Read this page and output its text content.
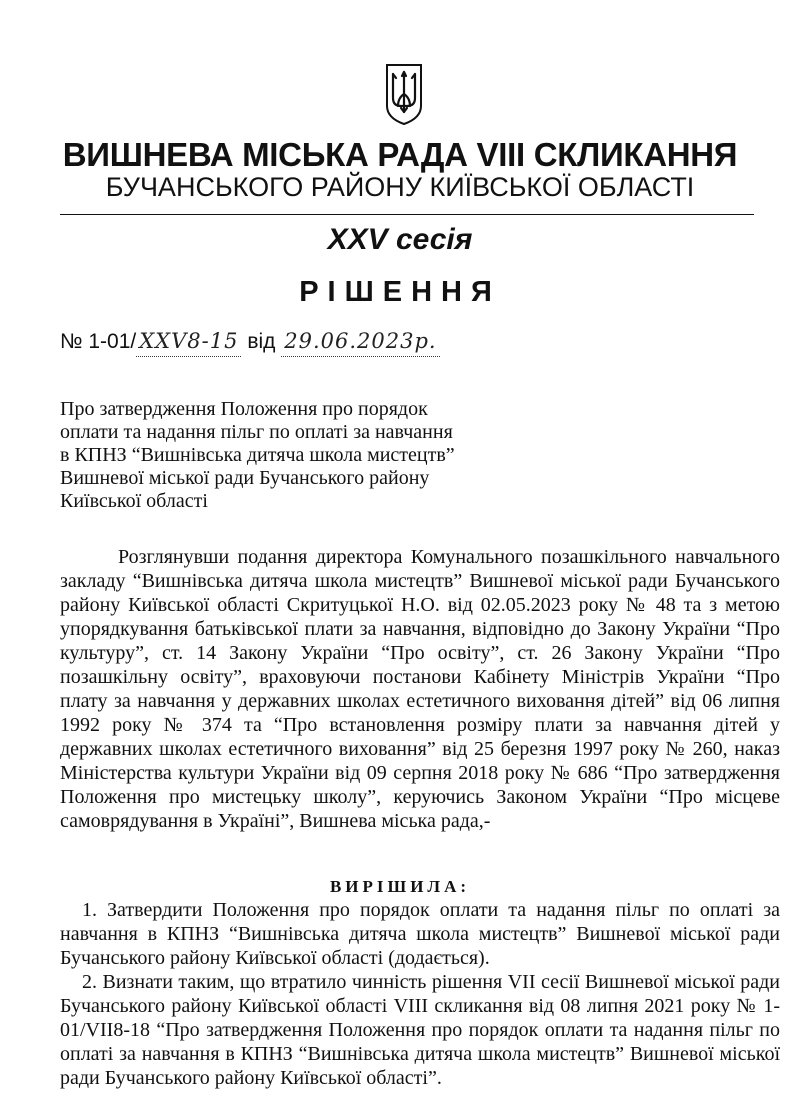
ВИШНЕВА МІСЬКА РАДА VIII СКЛИКАННЯ
БУЧАНСЬКОГО РАЙОНУ КИЇВСЬКОЇ ОБЛАСТІ
XXV сесія
РІШЕННЯ
№ 1-01/ XXV8-15 від 29.06.2023р.
Про затвердження Положення про порядок
оплати та надання пільг по оплаті за навчання
в КПНЗ “Вишнівська дитяча школа мистецтв”
Вишневої міської ради Бучанського району
Київської області

Розглянувши подання директора Комунального позашкільного навчального закладу “Вишнівська дитяча школа мистецтв” Вишневої міської ради Бучанського району Київської області Скритуцької Н.О. від 02.05.2023 року № 48 та з метою упорядкування батьківської плати за навчання, відповідно до Закону України “Про культуру”, ст. 14 Закону України “Про освіту”, ст. 26 Закону України “Про позашкільну освіту”, враховуючи постанови Кабінету Міністрів України “Про плату за навчання у державних школах естетичного виховання дітей” від 06 липня 1992 року № 374 та “Про встановлення розміру плати за навчання дітей у державних школах естетичного виховання” від 25 березня 1997 року № 260, наказ Міністерства культури України від 09 серпня 2018 року № 686 “Про затвердження Положення про мистецьку школу”, керуючись Законом України “Про місцеве самоврядування в Україні”, Вишнева міська рада,-

ВИРІШИЛА:

1. Затвердити Положення про порядок оплати та надання пільг по оплаті за навчання в КПНЗ “Вишнівська дитяча школа мистецтв” Вишневої міської ради Бучанського району Київської області (додається).

2. Визнати таким, що втратило чинність рішення VII сесії Вишневої міської ради Бучанського району Київської області VIII скликання від 08 липня 2021 року № 1-01/VII8-18 “Про затвердження Положення про порядок оплати та надання пільг по оплаті за навчання в КПНЗ “Вишнівська дитяча школа мистецтв” Вишневої міської ради Бучанського району Київської області”.
